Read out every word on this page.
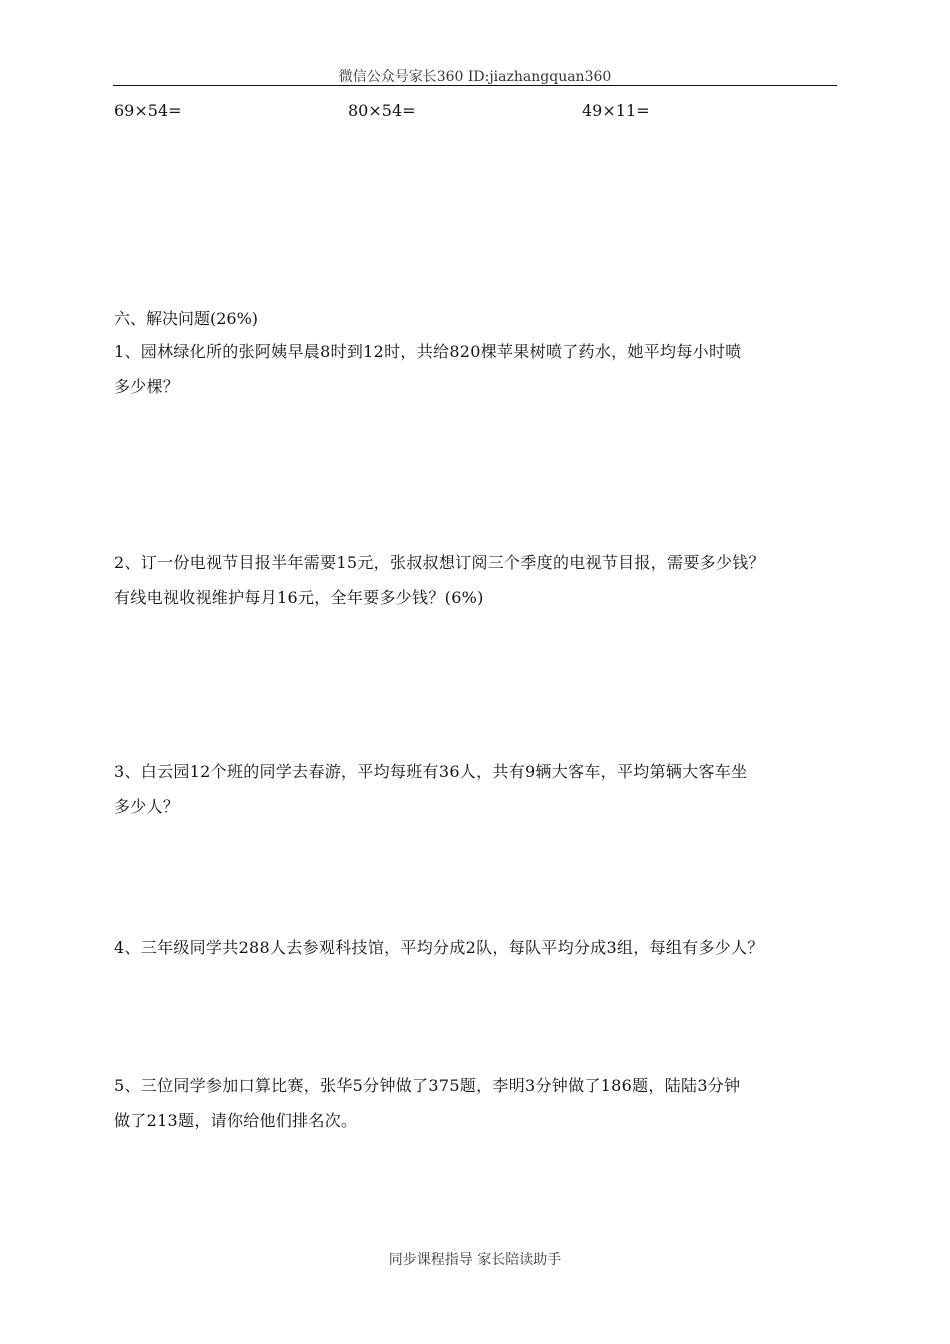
微信公众号家长360 ID:jiazhangquan360
69×54=	80×54=	49×11=
六、解决问题(26%)

1、园林绿化所的张阿姨早晨8时到12时，共给820棵苹果树喷了药水，她平均每小时喷

多少棵？

2、订一份电视节目报半年需要15元，张叔叔想订阅三个季度的电视节目报，需要多少钱？

有线电视收视维护每月16元，全年要多少钱？(6%)

3、白云园12个班的同学去春游，平均每班有36人，共有9辆大客车，平均第辆大客车坐

多少人？

4、三年级同学共288人去参观科技馆，平均分成2队，每队平均分成3组，每组有多少人？

5、三位同学参加口算比赛，张华5分钟做了375题，李明3分钟做了186题，陆陆3分钟

做了213题，请你给他们排名次。

同步课程指导 家长陪读助手
